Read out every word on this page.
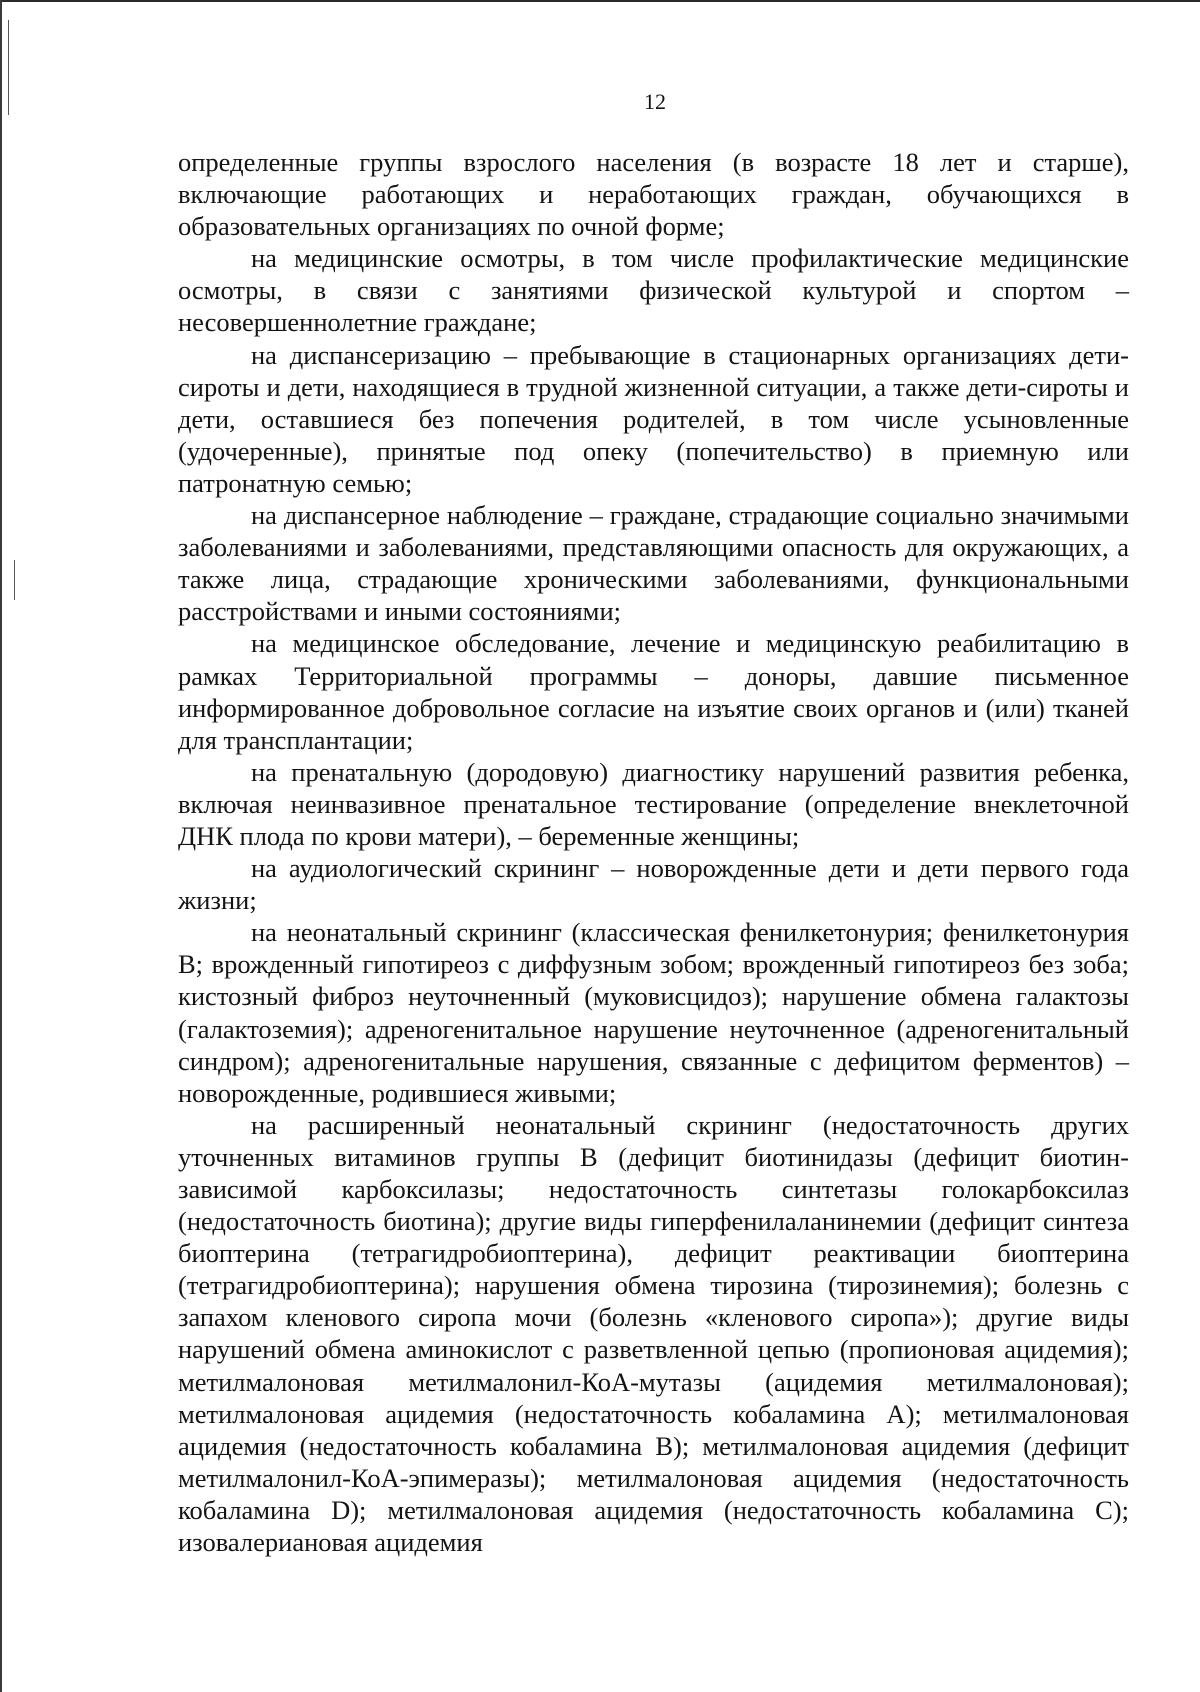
12

определенные группы взрослого населения (в возрасте 18 лет и старше), включающие работающих и неработающих граждан, обучающихся в образовательных организациях по очной форме;

на медицинские осмотры, в том числе профилактические медицинские осмотры, в связи с занятиями физической культурой и спортом – несовершеннолетние граждане;

на диспансеризацию – пребывающие в стационарных организациях дети-сироты и дети, находящиеся в трудной жизненной ситуации, а также дети-сироты и дети, оставшиеся без попечения родителей, в том числе усыновленные (удочеренные), принятые под опеку (попечительство) в приемную или патронатную семью;

на диспансерное наблюдение – граждане, страдающие социально значимыми заболеваниями и заболеваниями, представляющими опасность для окружающих, а также лица, страдающие хроническими заболеваниями, функциональными расстройствами и иными состояниями;

на медицинское обследование, лечение и медицинскую реабилитацию в рамках Территориальной программы – доноры, давшие письменное информированное добровольное согласие на изъятие своих органов и (или) тканей для трансплантации;

на пренатальную (дородовую) диагностику нарушений развития ребенка, включая неинвазивное пренатальное тестирование (определение внеклеточной ДНК плода по крови матери), – беременные женщины;

на аудиологический скрининг – новорожденные дети и дети первого года жизни;

на неонатальный скрининг (классическая фенилкетонурия; фенилкетонурия B; врожденный гипотиреоз с диффузным зобом; врожденный гипотиреоз без зоба; кистозный фиброз неуточненный (муковисцидоз); нарушение обмена галактозы (галактоземия); адреногенитальное нарушение неуточненное (адреногенитальный синдром); адреногенитальные нарушения, связанные с дефицитом ферментов) – новорожденные, родившиеся живыми;

на расширенный неонатальный скрининг (недостаточность других уточненных витаминов группы B (дефицит биотинидазы (дефицит биотин-зависимой карбоксилазы; недостаточность синтетазы голокарбоксилаз (недостаточность биотина); другие виды гиперфенилаланинемии (дефицит синтеза биоптерина (тетрагидробиоптерина), дефицит реактивации биоптерина (тетрагидробиоптерина); нарушения обмена тирозина (тирозинемия); болезнь с запахом кленового сиропа мочи (болезнь «кленового сиропа»); другие виды нарушений обмена аминокислот с разветвленной цепью (пропионовая ацидемия); метилмалоновая метилмалонил-КоА-мутазы (ацидемия метилмалоновая); метилмалоновая ацидемия (недостаточность кобаламина A); метилмалоновая ацидемия (недостаточность кобаламина B); метилмалоновая ацидемия (дефицит метилмалонил-КоА-эпимеразы); метилмалоновая ацидемия (недостаточность кобаламина D); метилмалоновая ацидемия (недостаточность кобаламина C); изовалериановая ацидемия
